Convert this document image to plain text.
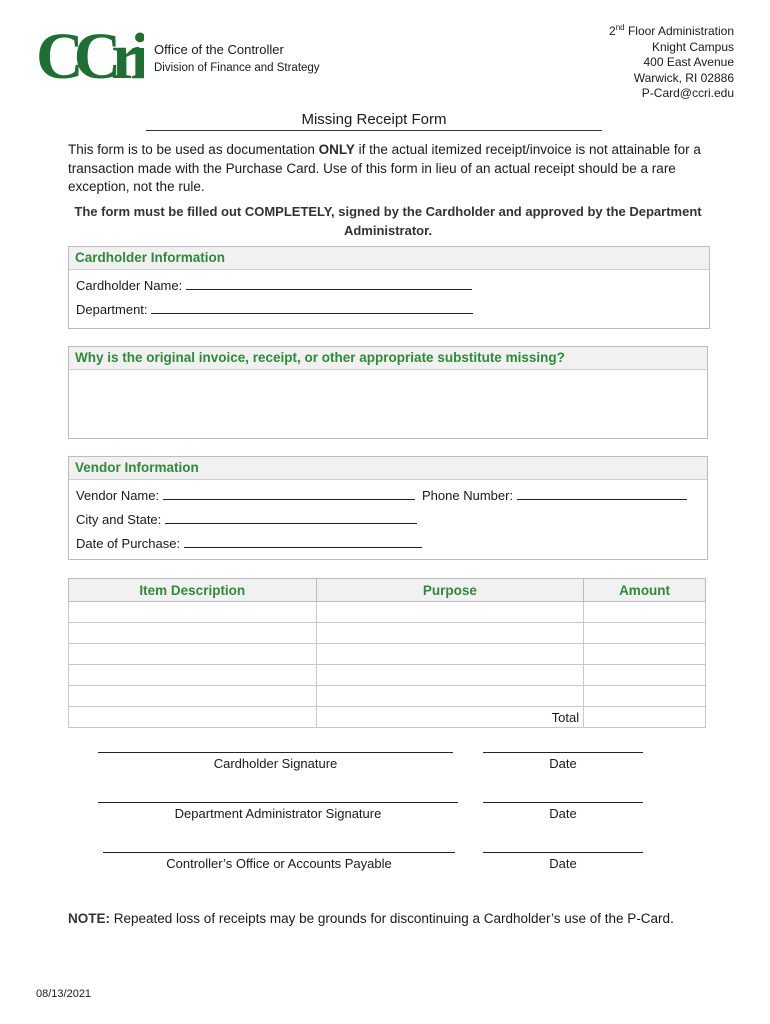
CCri	Office of the Controller
Division of Finance and Strategy
2nd Floor Administration
Knight Campus
400 East Avenue
Warwick, RI 02886
P-Card@ccri.edu
Missing Receipt Form
This form is to be used as documentation ONLY if the actual itemized receipt/invoice is not attainable for a transaction made with the Purchase Card. Use of this form in lieu of an actual receipt should be a rare exception, not the rule.
The form must be filled out COMPLETELY, signed by the Cardholder and approved by the Department Administrator.
Cardholder Information
Cardholder Name:
Department:
Why is the original invoice, receipt, or other appropriate substitute missing?
Vendor Information
Vendor Name:	Phone Number:
City and State:
Date of Purchase:
Item Description	Purpose	Amount

	Total	
Cardholder Signature	Date
Department Administrator Signature	Date
Controller’s Office or Accounts Payable	Date
NOTE: Repeated loss of receipts may be grounds for discontinuing a Cardholder’s use of the P-Card.
08/13/2021
